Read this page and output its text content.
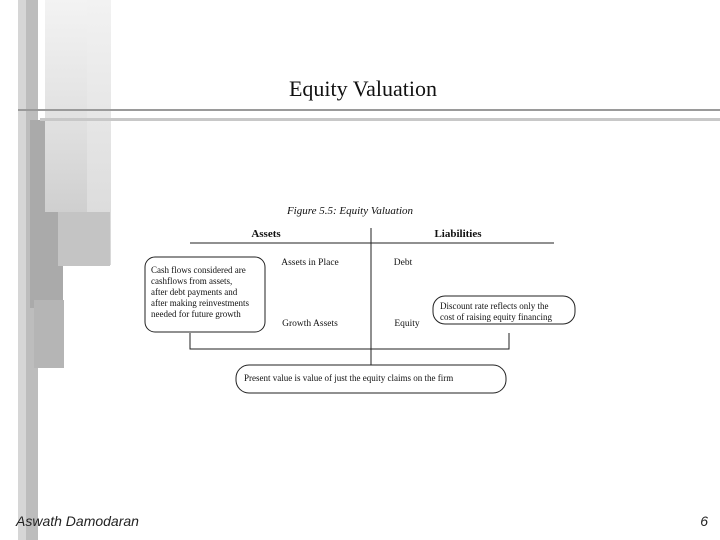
Equity Valuation
Figure 5.5: Equity Valuation
Assets	Liabilities
Assets in Place
Growth Assets
Debt
Equity
Cash flows considered are
cashflows from assets,
after debt payments and
after making reinvestments
needed for future growth
Discount rate reflects only the
cost of raising equity financing
Present value is value of just the equity claims on the firm
Aswath Damodaran	6
